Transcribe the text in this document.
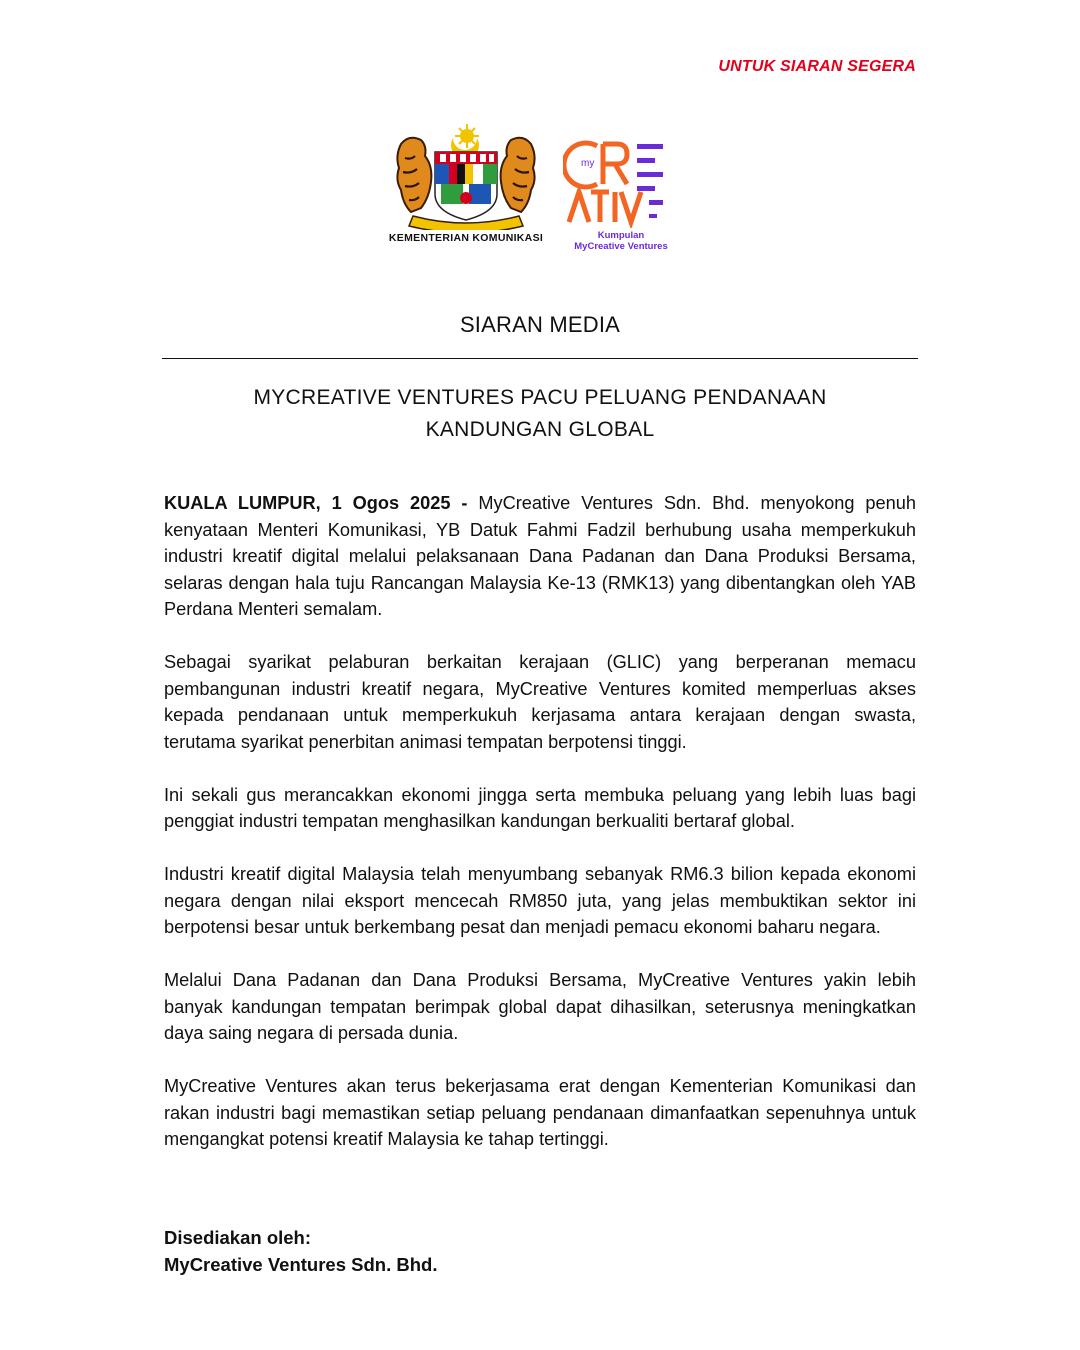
UNTUK SIARAN SEGERA
KEMENTERIAN KOMUNIKASI
my
Kumpulan
MyCreative Ventures
SIARAN MEDIA
MYCREATIVE VENTURES PACU PELUANG PENDANAAN
KANDUNGAN GLOBAL

KUALA LUMPUR, 1 Ogos 2025 - MyCreative Ventures Sdn. Bhd. menyokong penuh kenyataan Menteri Komunikasi, YB Datuk Fahmi Fadzil berhubung usaha memperkukuh industri kreatif digital melalui pelaksanaan Dana Padanan dan Dana Produksi Bersama, selaras dengan hala tuju Rancangan Malaysia Ke-13 (RMK13) yang dibentangkan oleh YAB Perdana Menteri semalam.

Sebagai syarikat pelaburan berkaitan kerajaan (GLIC) yang berperanan memacu pembangunan industri kreatif negara, MyCreative Ventures komited memperluas akses kepada pendanaan untuk memperkukuh kerjasama antara kerajaan dengan swasta, terutama syarikat penerbitan animasi tempatan berpotensi tinggi.

Ini sekali gus merancakkan ekonomi jingga serta membuka peluang yang lebih luas bagi penggiat industri tempatan menghasilkan kandungan berkualiti bertaraf global.

Industri kreatif digital Malaysia telah menyumbang sebanyak RM6.3 bilion kepada ekonomi negara dengan nilai eksport mencecah RM850 juta, yang jelas membuktikan sektor ini berpotensi besar untuk berkembang pesat dan menjadi pemacu ekonomi baharu negara.

Melalui Dana Padanan dan Dana Produksi Bersama, MyCreative Ventures yakin lebih banyak kandungan tempatan berimpak global dapat dihasilkan, seterusnya meningkatkan daya saing negara di persada dunia.

MyCreative Ventures akan terus bekerjasama erat dengan Kementerian Komunikasi dan rakan industri bagi memastikan setiap peluang pendanaan dimanfaatkan sepenuhnya untuk mengangkat potensi kreatif Malaysia ke tahap tertinggi.

Disediakan oleh:
MyCreative Ventures Sdn. Bhd.
